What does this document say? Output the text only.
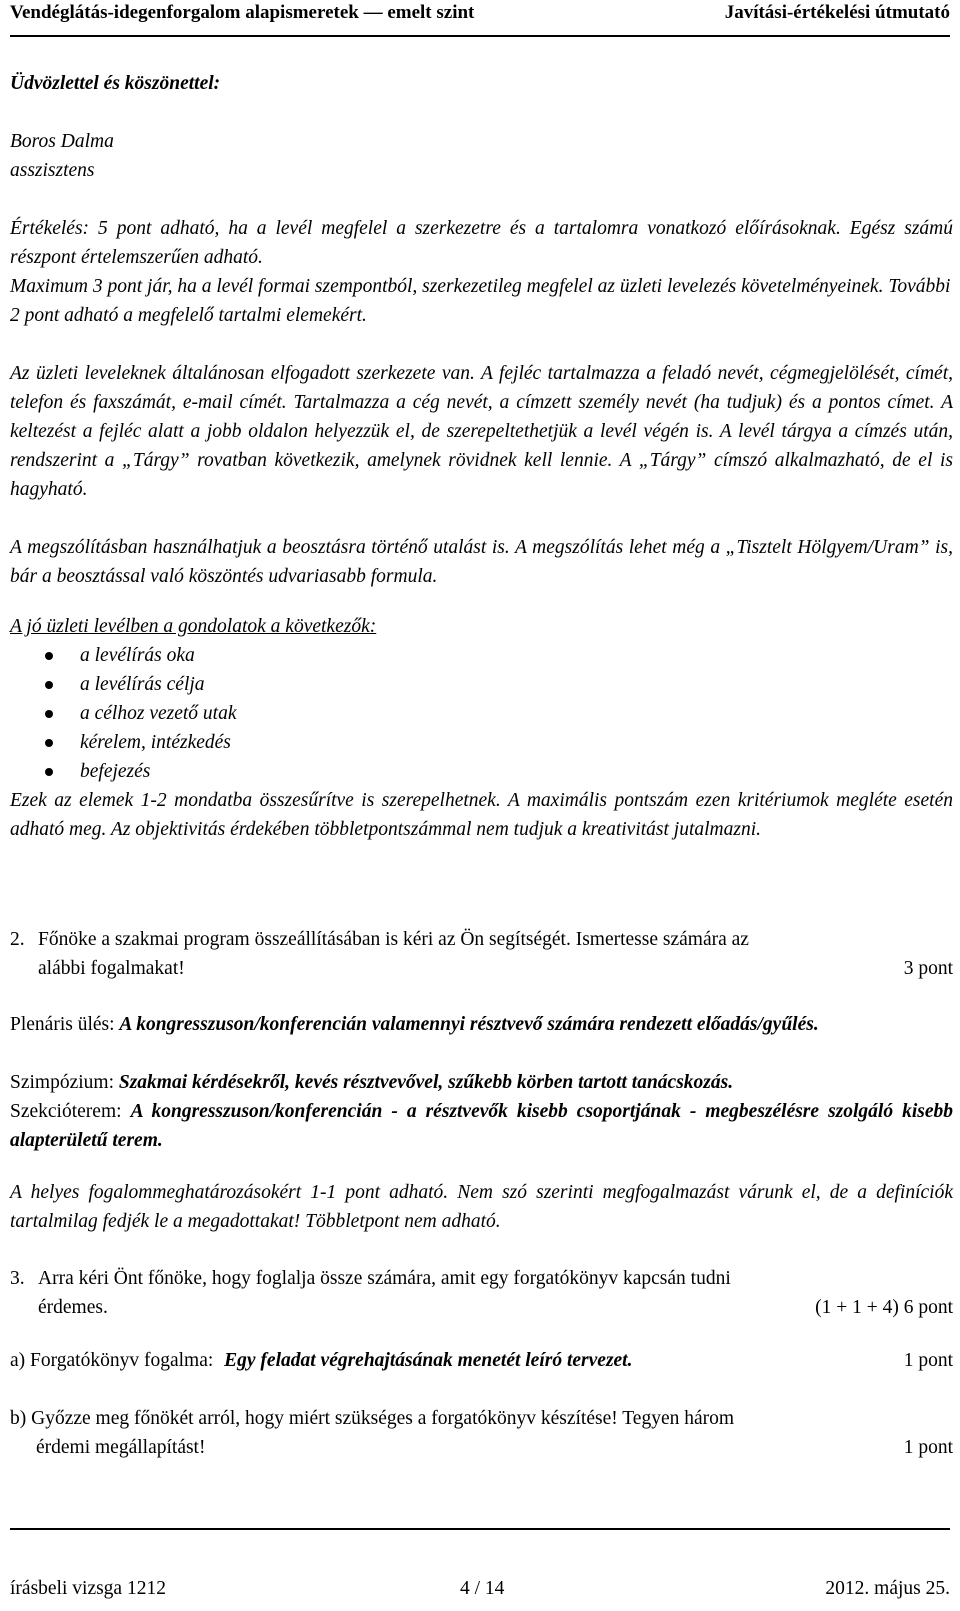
Vendéglátás-idegenforgalom alapismeretek — emelt szint	Javítási-értékelési útmutató
Üdvözlettel és köszönettel:
Boros Dalma
asszisztens
Értékelés: 5 pont adható, ha a levél megfelel a szerkezetre és a tartalomra vonatkozó előírásoknak. Egész számú részpont értelemszerűen adható.
Maximum 3 pont jár, ha a levél formai szempontból, szerkezetileg megfelel az üzleti levelezés követelményeinek. További 2 pont adható a megfelelő tartalmi elemekért.
Az üzleti leveleknek általánosan elfogadott szerkezete van. A fejléc tartalmazza a feladó nevét, cégmegjelölését, címét, telefon és faxszámát, e-mail címét. Tartalmazza a cég nevét, a címzett személy nevét (ha tudjuk) és a pontos címet. A keltezést a fejléc alatt a jobb oldalon helyezzük el, de szerepeltethetjük a levél végén is. A levél tárgya a címzés után, rendszerint a „Tárgy” rovatban következik, amelynek rövidnek kell lennie. A „Tárgy” címszó alkalmazható, de el is hagyható.
A megszólításban használhatjuk a beosztásra történő utalást is. A megszólítás lehet még a „Tisztelt Hölgyem/Uram” is, bár a beosztással való köszöntés udvariasabb formula.
A jó üzleti levélben a gondolatok a következők:
a levélírás oka
a levélírás célja
a célhoz vezető utak
kérelem, intézkedés
befejezés
Ezek az elemek 1-2 mondatba összesűrítve is szerepelhetnek. A maximális pontszám ezen kritériumok megléte esetén adható meg. Az objektivitás érdekében többletpontszámmal nem tudjuk a kreativitást jutalmazni.
2. Főnöke a szakmai program összeállításában is kéri az Ön segítségét. Ismertesse számára az
alábbi fogalmakat!	3 pont
Plenáris ülés: A kongresszuson/konferencián valamennyi résztvevő számára rendezett előadás/gyűlés.
Szimpózium: Szakmai kérdésekről, kevés résztvevővel, szűkebb körben tartott tanácskozás.
Szekcióterem: A kongresszuson/konferencián - a résztvevők kisebb csoportjának - megbeszélésre szolgáló kisebb alapterületű terem.
A helyes fogalommeghatározásokért 1-1 pont adható. Nem szó szerinti megfogalmazást várunk el, de a definíciók tartalmilag fedjék le a megadottakat! Többletpont nem adható.
3. Arra kéri Önt főnöke, hogy foglalja össze számára, amit egy forgatókönyv kapcsán tudni
érdemes.	(1 + 1 + 4) 6 pont
a) Forgatókönyv fogalma: Egy feladat végrehajtásának menetét leíró tervezet.	1 pont
b) Győzze meg főnökét arról, hogy miért szükséges a forgatókönyv készítése! Tegyen három
érdemi megállapítást!	1 pont
írásbeli vizsga 1212	4 / 14	2012. május 25.
